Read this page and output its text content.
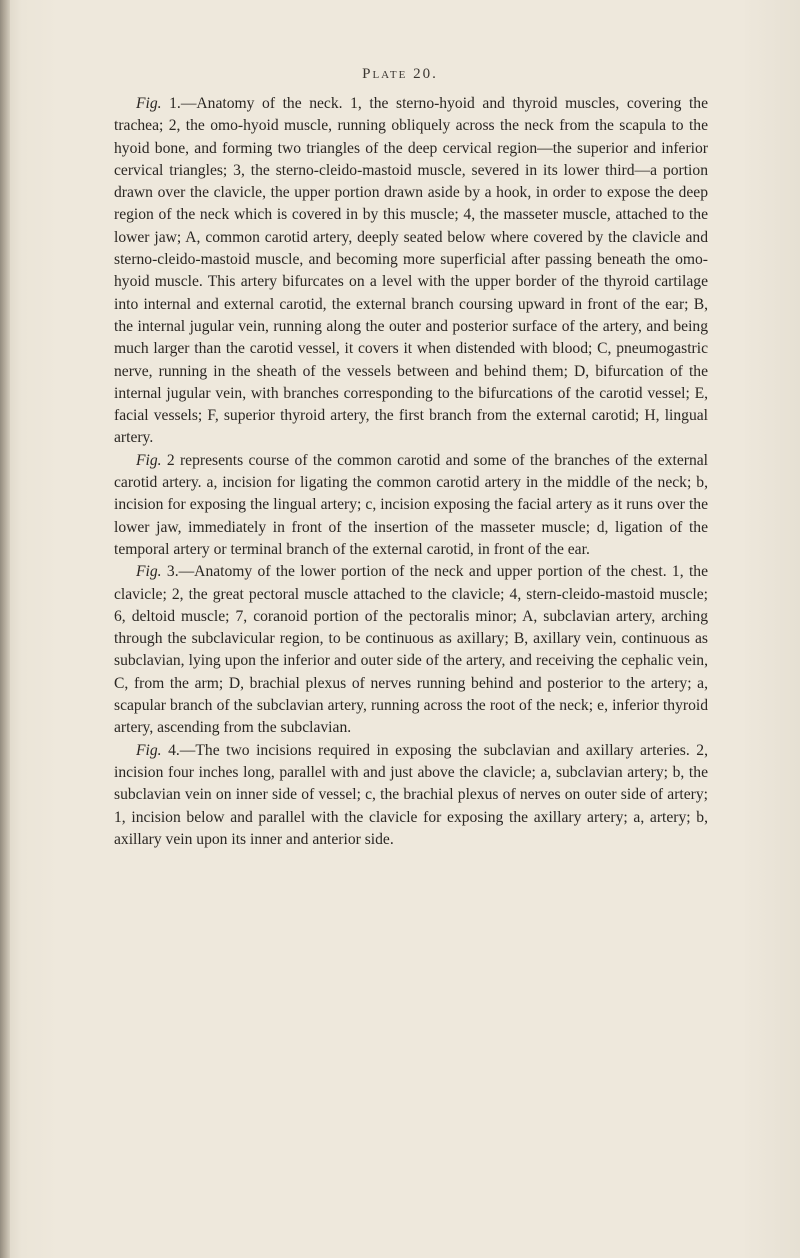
Plate 20.

Fig. 1.—Anatomy of the neck. 1, the sterno-hyoid and thyroid muscles, covering the trachea; 2, the omo-hyoid muscle, running obliquely across the neck from the scapula to the hyoid bone, and forming two triangles of the deep cervical region—the superior and inferior cervical triangles; 3, the sterno-cleido-mastoid muscle, severed in its lower third—a portion drawn over the clavicle, the upper portion drawn aside by a hook, in order to expose the deep region of the neck which is covered in by this muscle; 4, the masseter muscle, attached to the lower jaw; A, common carotid artery, deeply seated below where covered by the clavicle and sterno-cleido-mastoid muscle, and becoming more superficial after passing beneath the omo-hyoid muscle. This artery bifurcates on a level with the upper border of the thyroid cartilage into internal and external carotid, the external branch coursing upward in front of the ear; B, the internal jugular vein, running along the outer and posterior surface of the artery, and being much larger than the carotid vessel, it covers it when distended with blood; C, pneumogastric nerve, running in the sheath of the vessels between and behind them; D, bifurcation of the internal jugular vein, with branches corresponding to the bifurcations of the carotid vessel; E, facial vessels; F, superior thyroid artery, the first branch from the external carotid; H, lingual artery.

Fig. 2 represents course of the common carotid and some of the branches of the external carotid artery. a, incision for ligating the common carotid artery in the middle of the neck; b, incision for exposing the lingual artery; c, incision exposing the facial artery as it runs over the lower jaw, immediately in front of the insertion of the masseter muscle; d, ligation of the temporal artery or terminal branch of the external carotid, in front of the ear.

Fig. 3.—Anatomy of the lower portion of the neck and upper portion of the chest. 1, the clavicle; 2, the great pectoral muscle attached to the clavicle; 4, stern-cleido-mastoid muscle; 6, deltoid muscle; 7, coranoid portion of the pectoralis minor; A, subclavian artery, arching through the subclavicular region, to be continuous as axillary; B, axillary vein, continuous as subclavian, lying upon the inferior and outer side of the artery, and receiving the cephalic vein, C, from the arm; D, brachial plexus of nerves running behind and posterior to the artery; a, scapular branch of the subclavian artery, running across the root of the neck; e, inferior thyroid artery, ascending from the subclavian.

Fig. 4.—The two incisions required in exposing the subclavian and axillary arteries. 2, incision four inches long, parallel with and just above the clavicle; a, subclavian artery; b, the subclavian vein on inner side of vessel; c, the brachial plexus of nerves on outer side of artery; 1, incision below and parallel with the clavicle for exposing the axillary artery; a, artery; b, axillary vein upon its inner and anterior side.
